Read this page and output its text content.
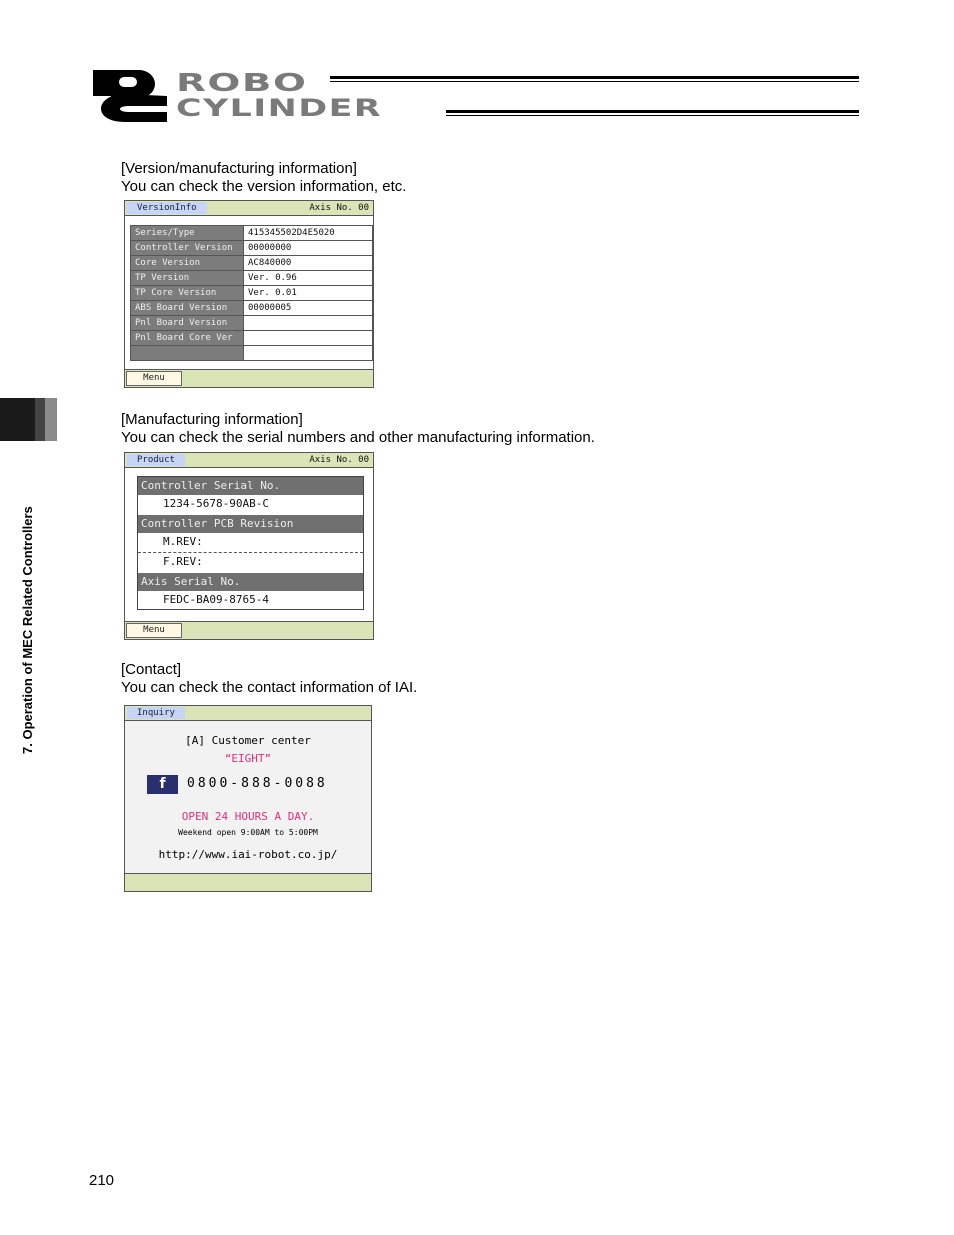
ROBO
CYLINDER
7. Operation of MEC Related Controllers
[Version/manufacturing information]
You can check the version information, etc.
VersionInfo	Axis No. 00
Series/Type	415345502D4E5020
Controller Version	00000000
Core Version	AC840000
TP Version	Ver. 0.96
TP Core Version	Ver. 0.01
ABS Board Version	00000005
Pnl Board Version	
Pnl Board Core Ver	

Menu
[Manufacturing information]
You can check the serial numbers and other manufacturing information.
Product	Axis No. 00
Controller Serial No.
1234-5678-90AB-C
Controller PCB Revision
M.REV:
F.REV:
Axis Serial No.
FEDC-BA09-8765-4
Menu
[Contact]
You can check the contact information of IAI.
Inquiry
[A] Customer center
“EIGHT”
f	0800-888-0088
OPEN 24 HOURS A DAY.
Weekend open 9:00AM to 5:00PM
http://www.iai-robot.co.jp/
210
